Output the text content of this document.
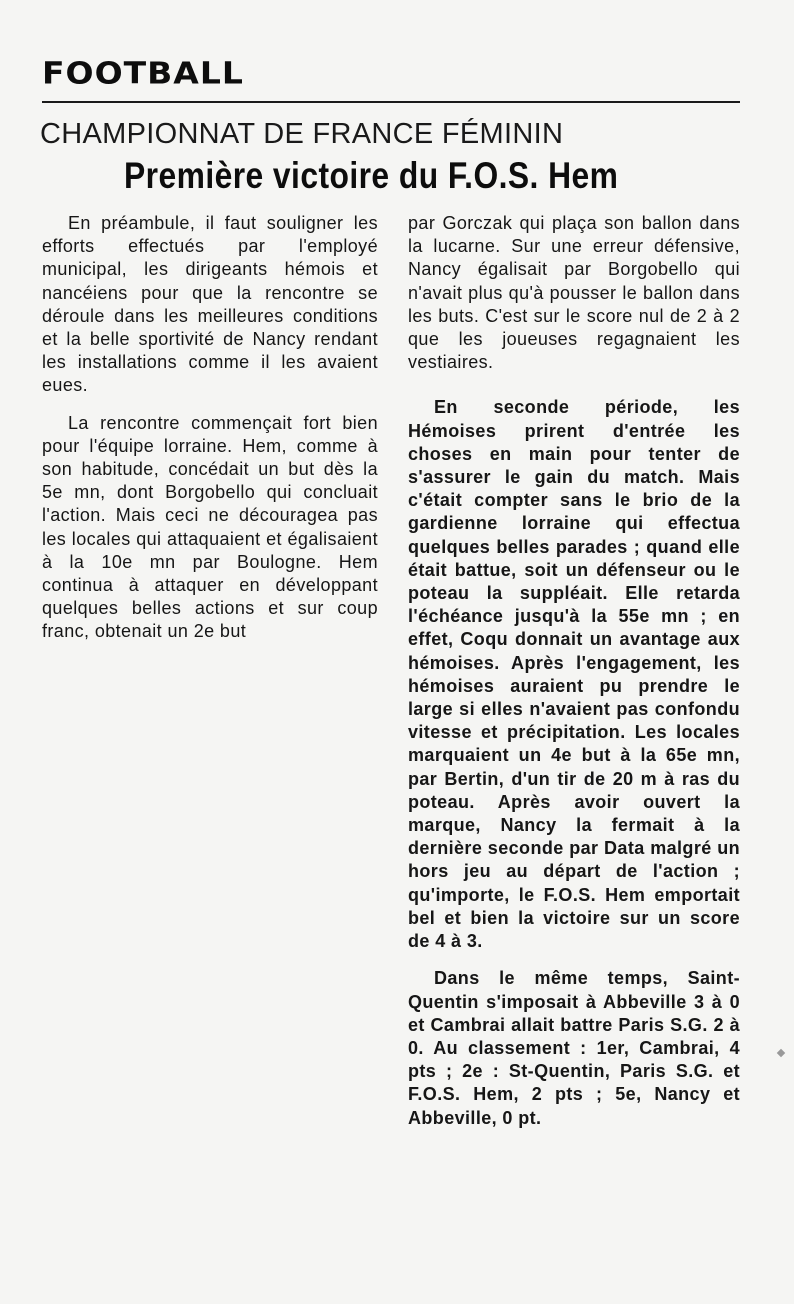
FOOTBALL
CHAMPIONNAT DE FRANCE FÉMININ
Première victoire du F.O.S. Hem

En préambule, il faut souligner les efforts effectués par l'employé municipal, les dirigeants hémois et nancéiens pour que la rencontre se déroule dans les meilleures conditions et la belle sportivité de Nancy rendant les installations comme il les avaient eues.

La rencontre commençait fort bien pour l'équipe lorraine. Hem, comme à son habitude, concédait un but dès la 5e mn, dont Borgobello qui concluait l'action. Mais ceci ne découragea pas les locales qui attaquaient et égalisaient à la 10e mn par Boulogne. Hem continua à attaquer en développant quelques belles actions et sur coup franc, obtenait un 2e but

par Gorczak qui plaça son ballon dans la lucarne. Sur une erreur défensive, Nancy égalisait par Borgobello qui n'avait plus qu'à pousser le ballon dans les buts. C'est sur le score nul de 2 à 2 que les joueuses regagnaient les vestiaires.

En seconde période, les Hémoises prirent d'entrée les choses en main pour tenter de s'assurer le gain du match. Mais c'était compter sans le brio de la gardienne lorraine qui effectua quelques belles parades ; quand elle était battue, soit un défenseur ou le poteau la suppléait. Elle retarda l'échéance jusqu'à la 55e mn ; en effet, Coqu donnait un avantage aux hémoises. Après l'engagement, les hémoises auraient pu prendre le large si elles n'avaient pas confondu vitesse et précipitation. Les locales marquaient un 4e but à la 65e mn, par Bertin, d'un tir de 20 m à ras du poteau. Après avoir ouvert la marque, Nancy la fermait à la dernière seconde par Data malgré un hors jeu au départ de l'action ; qu'importe, le F.O.S. Hem emportait bel et bien la victoire sur un score de 4 à 3.

Dans le même temps, Saint-Quentin s'imposait à Abbeville 3 à 0 et Cambrai allait battre Paris S.G. 2 à 0. Au classement : 1er, Cambrai, 4 pts ; 2e : St-Quentin, Paris S.G. et F.O.S. Hem, 2 pts ; 5e, Nancy et Abbeville, 0 pt.
